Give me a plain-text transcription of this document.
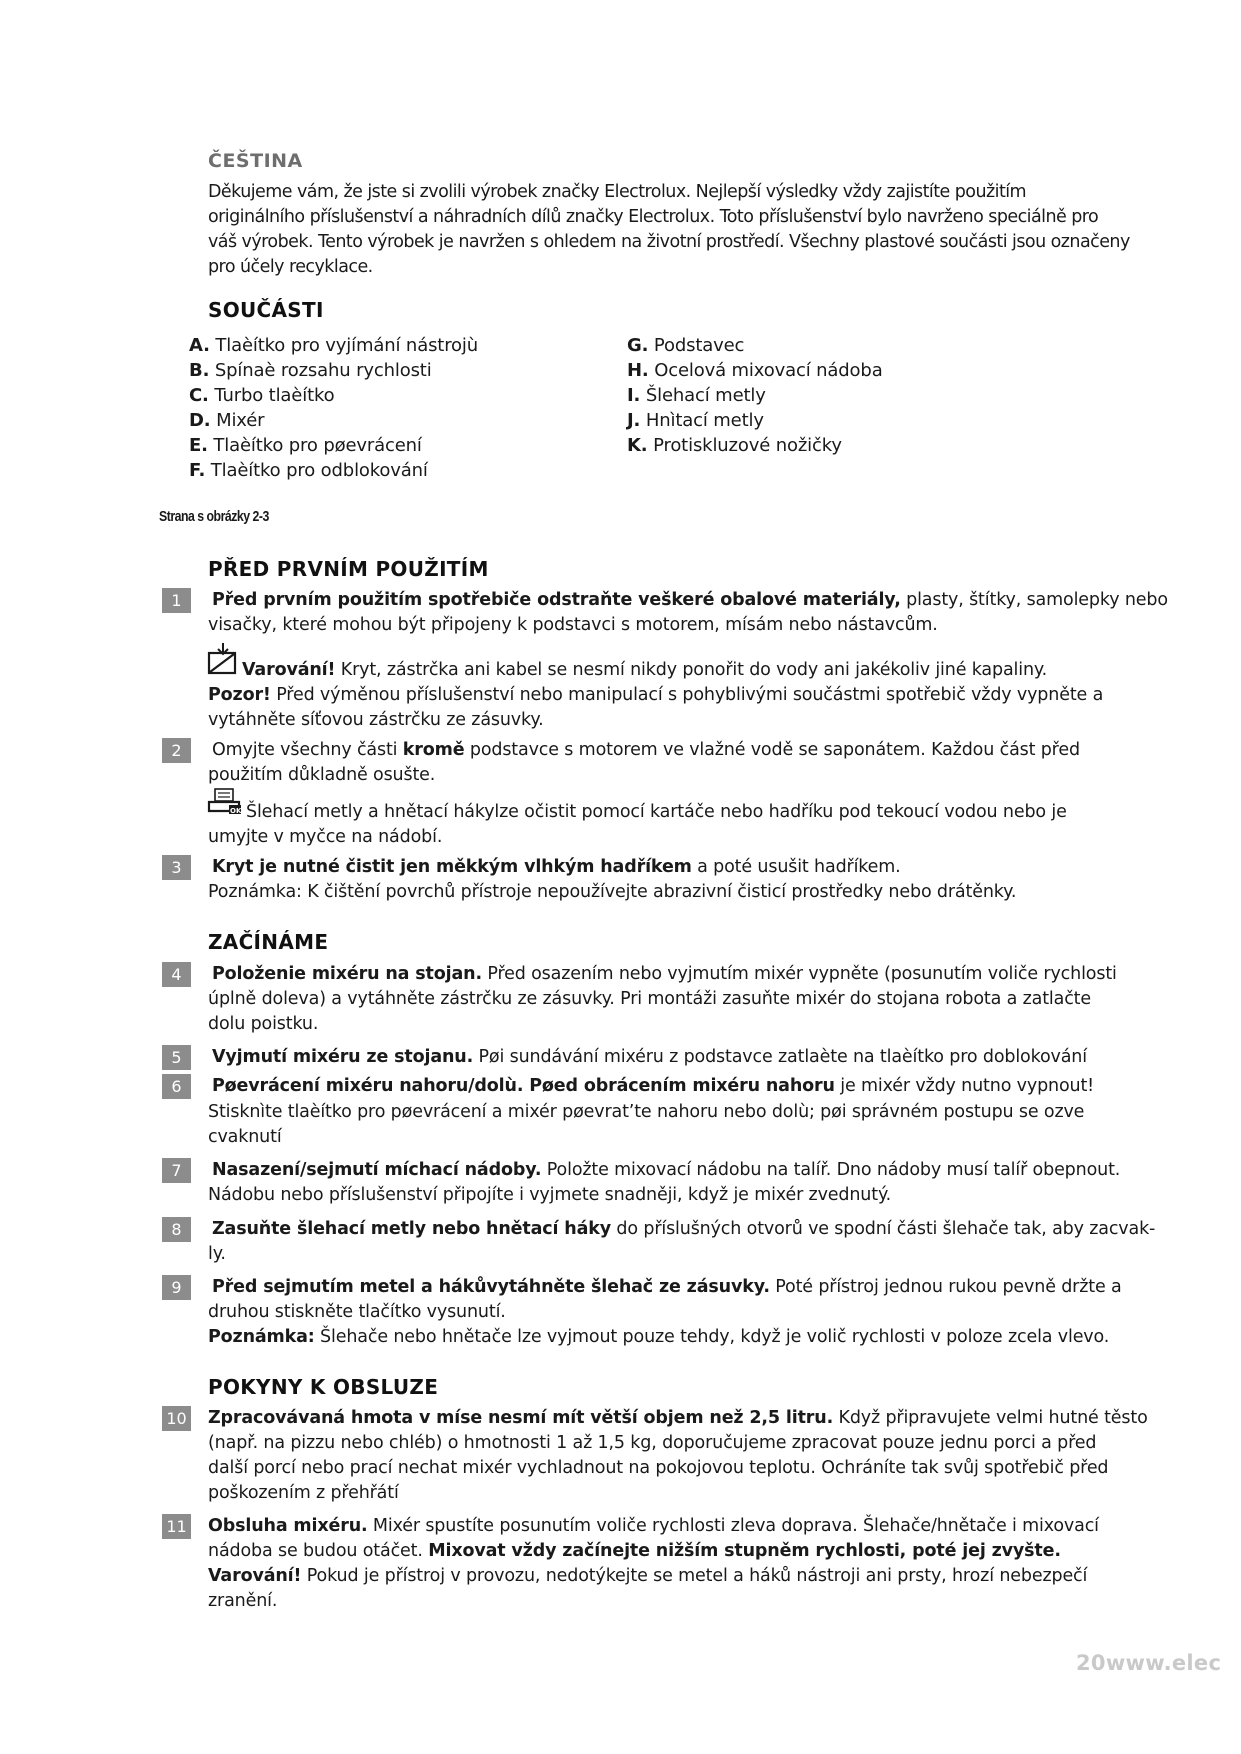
ČEŠTINA
Děkujeme vám, že jste si zvolili výrobek značky Electrolux. Nejlepší výsledky vždy zajistíte použitím
originálního příslušenství a náhradních dílů značky Electrolux. Toto příslušenství bylo navrženo speciálně pro
váš výrobek. Tento výrobek je navržen s ohledem na životní prostředí. Všechny plastové součásti jsou označeny
pro účely recyklace.
SOUČÁSTI
A. Tlaèítko pro vyjímání nástrojù
B. Spínaè rozsahu rychlosti
C. Turbo tlaèítko
D. Mixér
E. Tlaèítko pro pøevrácení
F. Tlaèítko pro odblokování
G. Podstavec
H. Ocelová mixovací nádoba
I. Šlehací metly
J. Hnìtací metly
K. Protiskluzové nožičky
Strana s obrázky 2-3
PŘED PRVNÍM POUŽITÍM
1	Před prvním použitím spotřebiče odstraňte veškeré obalové materiály, plasty, štítky, samolepky nebo
visačky, které mohou být připojeny k podstavci s motorem, mísám nebo nástavcům.
Varování! Kryt, zástrčka ani kabel se nesmí nikdy ponořit do vody ani jakékoliv jiné kapaliny.
Pozor! Před výměnou příslušenství nebo manipulací s pohyblivými součástmi spotřebič vždy vypněte a
vytáhněte síťovou zástrčku ze zásuvky.
2	Omyjte všechny části kromě podstavce s motorem ve vlažné vodě se saponátem. Každou část před
použitím důkladně osušte.
OK Šlehací metly a hnětací hákylze očistit pomocí kartáče nebo hadříku pod tekoucí vodou nebo je
umyjte v myčce na nádobí.
3	Kryt je nutné čistit jen měkkým vlhkým hadříkem a poté usušit hadříkem.
Poznámka: K čištění povrchů přístroje nepoužívejte abrazivní čisticí prostředky nebo drátěnky.
ZAČÍNÁME
4	Položenie mixéru na stojan. Před osazením nebo vyjmutím mixér vypněte (posunutím voliče rychlosti
úplně doleva) a vytáhněte zástrčku ze zásuvky. Pri montáži zasuňte mixér do stojana robota a zatlačte
dolu poistku.
5	Vyjmutí mixéru ze stojanu. Pøi sundávání mixéru z podstavce zatlaète na tlaèítko pro doblokování
6	Pøevrácení mixéru nahoru/dolù. Pøed obrácením mixéru nahoru je mixér vždy nutno vypnout!
Stisknìte tlaèítko pro pøevrácení a mixér pøevrat’te nahoru nebo dolù; pøi správném postupu se ozve
cvaknutí
7	Nasazení/sejmutí míchací nádoby. Položte mixovací nádobu na talíř. Dno nádoby musí talíř obepnout.
Nádobu nebo příslušenství připojíte i vyjmete snadněji, když je mixér zvednutý.
8	Zasuňte šlehací metly nebo hnětací háky do příslušných otvorů ve spodní části šlehače tak, aby zacvak-
ly.
9	Před sejmutím metel a hákůvytáhněte šlehač ze zásuvky. Poté přístroj jednou rukou pevně držte a
druhou stiskněte tlačítko vysunutí.
Poznámka: Šlehače nebo hnětače lze vyjmout pouze tehdy, když je volič rychlosti v poloze zcela vlevo.
POKYNY K OBSLUZE
10 Zpracovávaná hmota v míse nesmí mít větší objem než 2,5 litru. Když připravujete velmi hutné těsto
(např. na pizzu nebo chléb) o hmotnosti 1 až 1,5 kg, doporučujeme zpracovat pouze jednu porci a před
další porcí nebo prací nechat mixér vychladnout na pokojovou teplotu. Ochráníte tak svůj spotřebič před
poškozením z přehřátí
11 Obsluha mixéru. Mixér spustíte posunutím voliče rychlosti zleva doprava. Šlehače/hnětače i mixovací
nádoba se budou otáčet. Mixovat vždy začínejte nižším stupněm rychlosti, poté jej zvyšte.
Varování! Pokud je přístroj v provozu, nedotýkejte se metel a háků nástroji ani prsty, hrozí nebezpečí
zranění.
20www.elec
